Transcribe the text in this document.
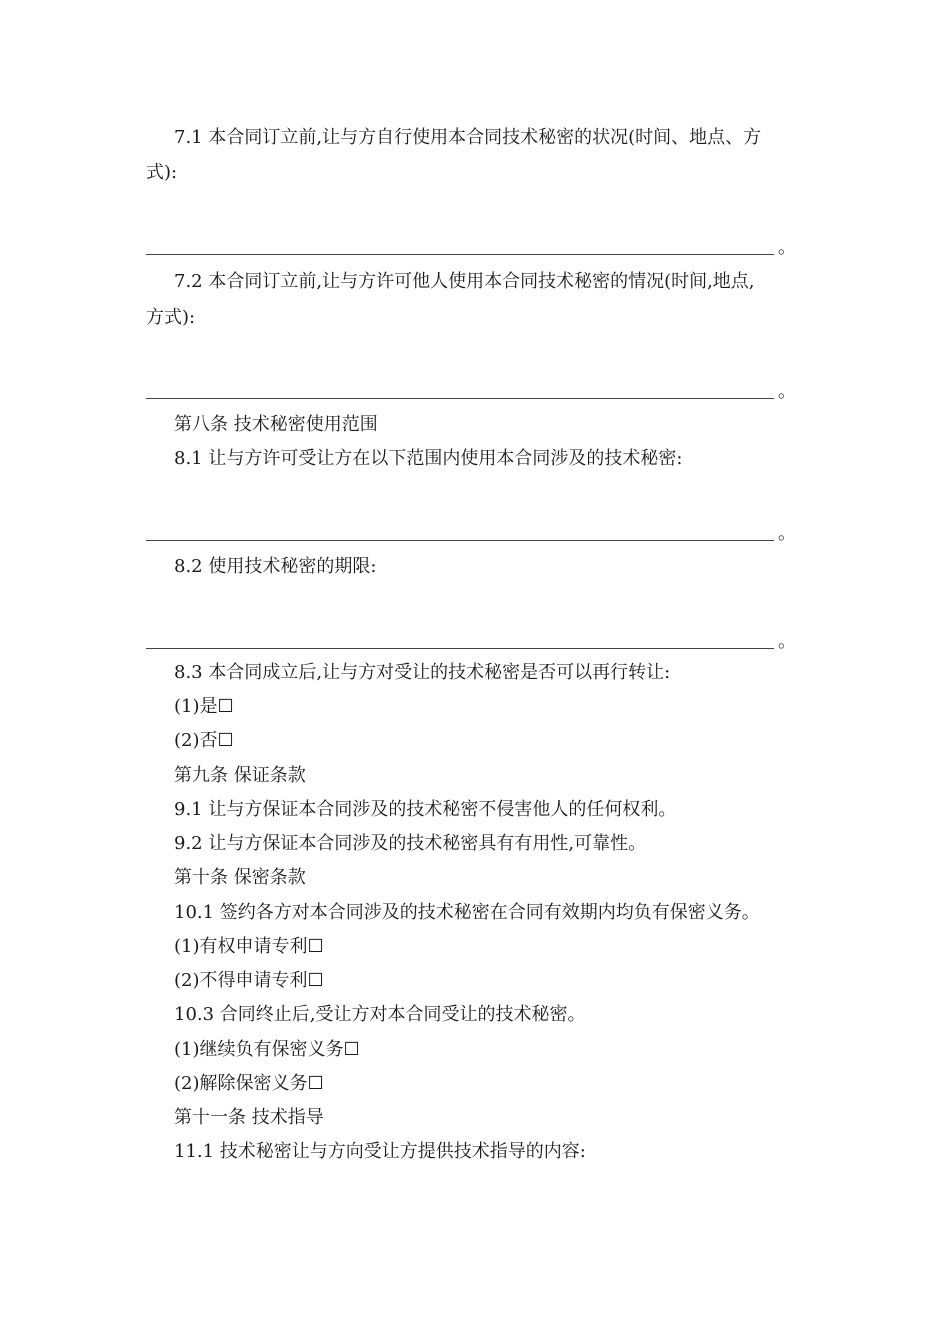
7.1 本合同订立前,让与方自行使用本合同技术秘密的状况(时间、地点、方
式):
。
7.2 本合同订立前,让与方许可他人使用本合同技术秘密的情况(时间,地点,
方式):
。
第八条 技术秘密使用范围
8.1 让与方许可受让方在以下范围内使用本合同涉及的技术秘密:
。
8.2 使用技术秘密的期限:
。
8.3 本合同成立后,让与方对受让的技术秘密是否可以再行转让:
(1)是☐
(2)否☐
第九条 保证条款
9.1 让与方保证本合同涉及的技术秘密不侵害他人的任何权利。
9.2 让与方保证本合同涉及的技术秘密具有有用性,可靠性。
第十条 保密条款
10.1 签约各方对本合同涉及的技术秘密在合同有效期内均负有保密义务。
(1)有权申请专利☐
(2)不得申请专利☐
10.3 合同终止后,受让方对本合同受让的技术秘密。
(1)继续负有保密义务☐
(2)解除保密义务☐
第十一条 技术指导
11.1 技术秘密让与方向受让方提供技术指导的内容:
